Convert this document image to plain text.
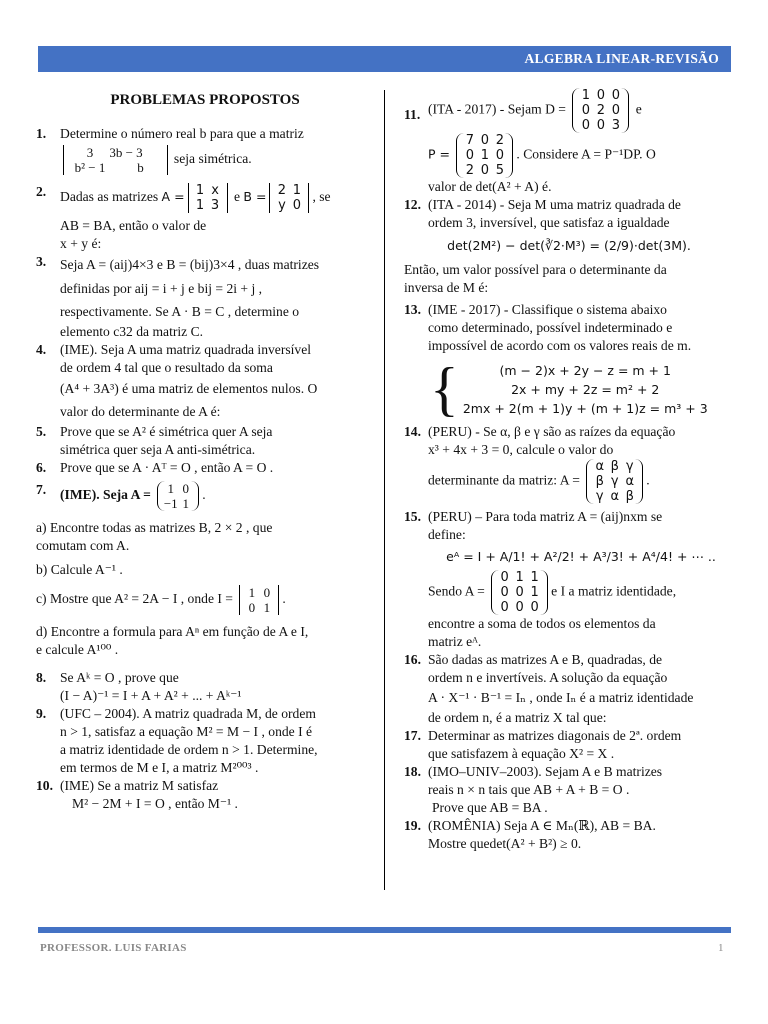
ALGEBRA LINEAR-REVISÃO
PROBLEMAS PROPOSTOS
1. Determine o número real b para que a matriz
3 3b − 3
b² − 1 b seja simétrica.
2. Dadas as matrizes A = 1 x
1 3 e B = 2 1
y 0, se
AB = BA, então o valor de
x + y é:
3. Seja A = (aij)4×3 e B = (bij)3×4 , duas matrizes
definidas por aij = i + j e bij = 2i + j ,
respectivamente. Se A · B = C , determine o
elemento c32 da matriz C.
4. (IME). Seja A uma matriz quadrada inversível
de ordem 4 tal que o resultado da soma
(A⁴ + 3A³) é uma matriz de elementos nulos. O
valor do determinante de A é:
5. Prove que se A² é simétrica quer A seja
simétrica quer seja A anti-simétrica.
6. Prove que se A · Aᵀ = O , então A = O .
7. (IME). Seja A = 1 0
−1 1.
a) Encontre todas as matrizes B, 2 × 2 , que
comutam com A.
b) Calcule A⁻¹ .
c) Mostre que A² = 2A − I , onde I = 1 0
0 1.
d) Encontre a formula para Aⁿ em função de A e I,
e calcule A¹⁰⁰ .
8. Se Aᵏ = O , prove que
(I − A)⁻¹ = I + A + A² + ... + Aᵏ⁻¹
9. (UFC – 2004). A matriz quadrada M, de ordem
n > 1, satisfaz a equação M² = M − I , onde I é
a matriz identidade de ordem n > 1. Determine,
em termos de M e I, a matriz M²⁰⁰³ .
10. (IME) Se a matriz M satisfaz
M² − 2M + I = O , então M⁻¹ .
11. (ITA - 2017) - Sejam D = 1 0 0
0 2 0
0 0 3 e
P = 7 0 2
0 1 0
2 0 5. Considere A = P⁻¹DP. O
valor de det(A² + A) é.
12. (ITA - 2014) - Seja M uma matriz quadrada de
ordem 3, inversível, que satisfaz a igualdade
det(2M²) − det(∛2·M³) = (2/9)·det(3M).
Então, um valor possível para o determinante da
inversa de M é:
13. (IME - 2017) - Classifique o sistema abaixo
como determinado, possível indeterminado e
impossível de acordo com os valores reais de m.
{	(m − 2)x + 2y − z = m + 1
2x + my + 2z = m² + 2
2mx + 2(m + 1)y + (m + 1)z = m³ + 3
14. (PERU) - Se α, β e γ são as raízes da equação
x³ + 4x + 3 = 0, calcule o valor do
determinante da matriz: A = α β γ
β γ α
γ α β.
15. (PERU) – Para toda matriz A = (aij)nxm se
define:
eᴬ = I + A/1! + A²/2! + A³/3! + A⁴/4! + ⋯ ..
Sendo A = 0 1 1
0 0 1
0 0 0e I a matriz identidade,
encontre a soma de todos os elementos da
matriz eᴬ.
16. São dadas as matrizes A e B, quadradas, de
ordem n e invertíveis. A solução da equação
A · X⁻¹ · B⁻¹ = Iₙ , onde Iₙ é a matriz identidade
de ordem n, é a matriz X tal que:
17. Determinar as matrizes diagonais de 2ª. ordem
que satisfazem à equação X² = X .
18. (IMO–UNIV–2003). Sejam A e B matrizes
reais n × n tais que AB + A + B = O .
Prove que AB = BA .
19. (ROMÊNIA) Seja A ∈ Mₙ(ℝ), AB = BA.
Mostre quedet(A² + B²) ≥ 0.
PROFESSOR. LUIS FARIAS	1
